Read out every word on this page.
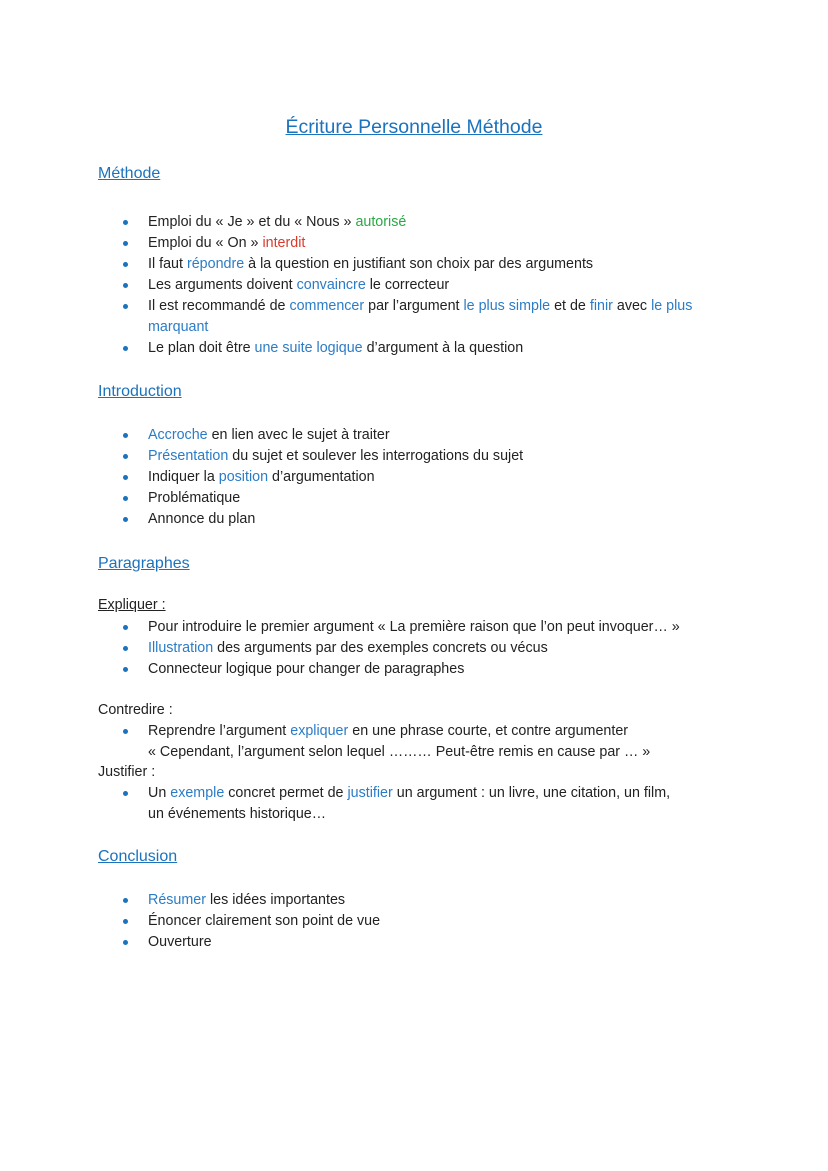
Écriture Personnelle Méthode
Méthode
Emploi du « Je » et du « Nous » autorisé
Emploi du « On » interdit
Il faut répondre à la question en justifiant son choix par des arguments
Les arguments doivent convaincre le correcteur
Il est recommandé de commencer par l’argument le plus simple et de finir avec le plus marquant
Le plan doit être une suite logique d’argument à la question
Introduction
Accroche en lien avec le sujet à traiter
Présentation du sujet et soulever les interrogations du sujet
Indiquer la position d’argumentation
Problématique
Annonce du plan
Paragraphes

Expliquer :

Pour introduire le premier argument « La première raison que l’on peut invoquer… »
Illustration des arguments par des exemples concrets ou vécus
Connecteur logique pour changer de paragraphes

Contredire :

Reprendre l’argument expliquer en une phrase courte, et contre argumenter
« Cependant, l’argument selon lequel ……… Peut-être remis en cause par … »

Justifier :

Un exemple concret permet de justifier un argument : un livre, une citation, un film,
un événements historique…
Conclusion
Résumer les idées importantes
Énoncer clairement son point de vue
Ouverture
